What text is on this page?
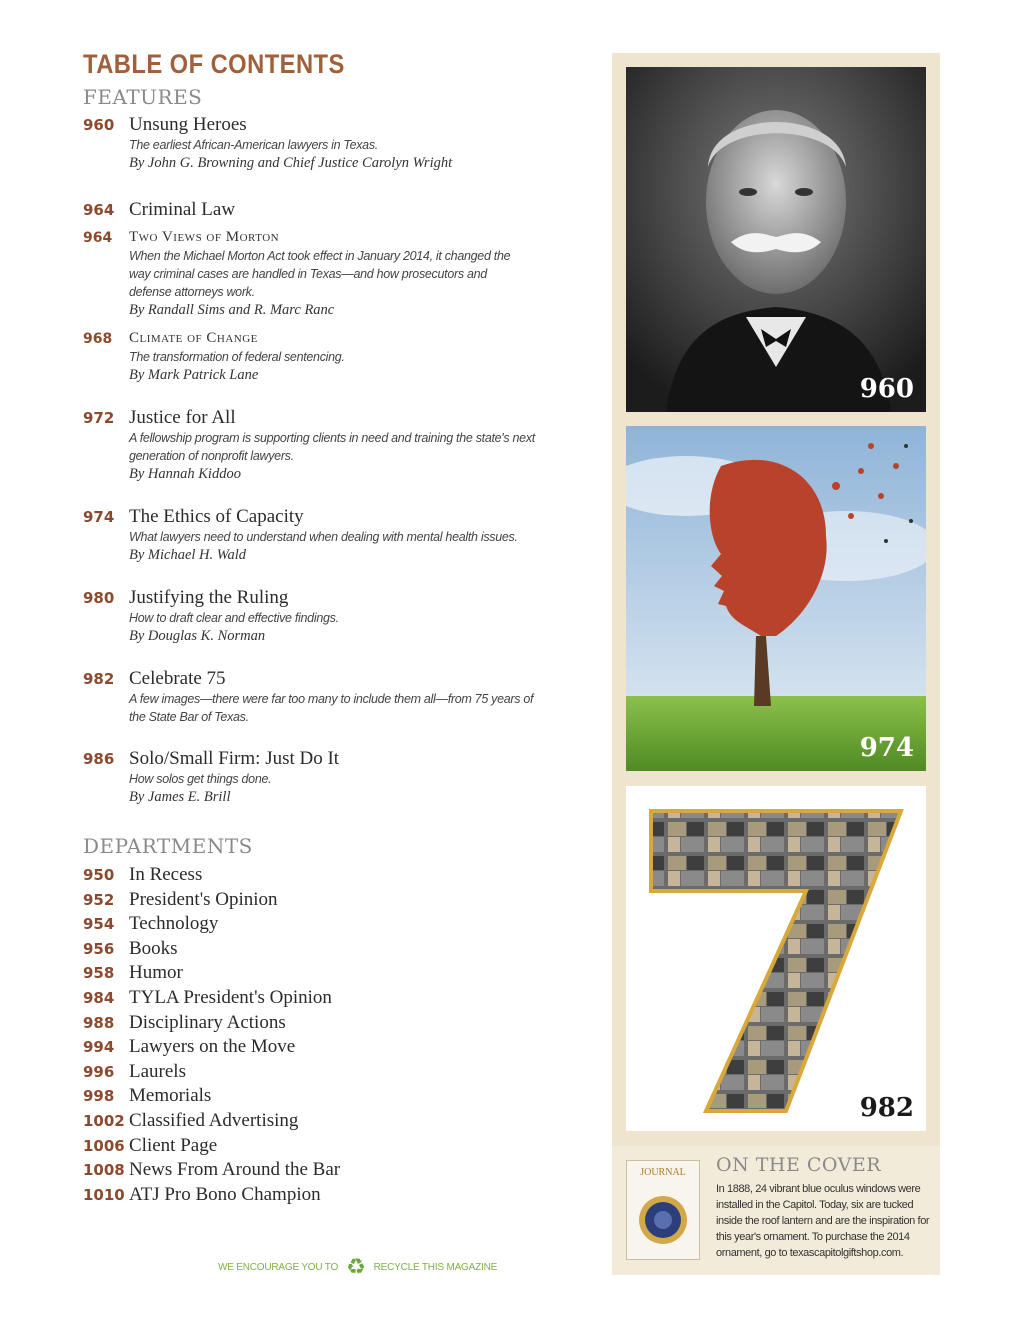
TABLE OF CONTENTS
FEATURES
960 Unsung Heroes
The earliest African-American lawyers in Texas.
By John G. Browning and Chief Justice Carolyn Wright
964 Criminal Law
964 Two Views of Morton
When the Michael Morton Act took effect in January 2014, it changed the way criminal cases are handled in Texas—and how prosecutors and defense attorneys work.
By Randall Sims and R. Marc Ranc
968 Climate of Change
The transformation of federal sentencing.
By Mark Patrick Lane
972 Justice for All
A fellowship program is supporting clients in need and training the state's next generation of nonprofit lawyers.
By Hannah Kiddoo
974 The Ethics of Capacity
What lawyers need to understand when dealing with mental health issues.
By Michael H. Wald
980 Justifying the Ruling
How to draft clear and effective findings.
By Douglas K. Norman
982 Celebrate 75
A few images—there were far too many to include them all—from 75 years of the State Bar of Texas.
986 Solo/Small Firm: Just Do It
How solos get things done.
By James E. Brill
DEPARTMENTS
950 In Recess
952 President's Opinion
954 Technology
956 Books
958 Humor
984 TYLA President's Opinion
988 Disciplinary Actions
994 Lawyers on the Move
996 Laurels
998 Memorials
1002 Classified Advertising
1006 Client Page
1008 News From Around the Bar
1010 ATJ Pro Bono Champion
WE ENCOURAGE YOU TO ♻ RECYCLE THIS MAGAZINE
960
974
982
JOURNAL	ON THE COVER
In 1888, 24 vibrant blue oculus windows were installed in the Capitol. Today, six are tucked inside the roof lantern and are the inspiration for this year's ornament. To purchase the 2014 ornament, go to texascapitolgiftshop.com.
